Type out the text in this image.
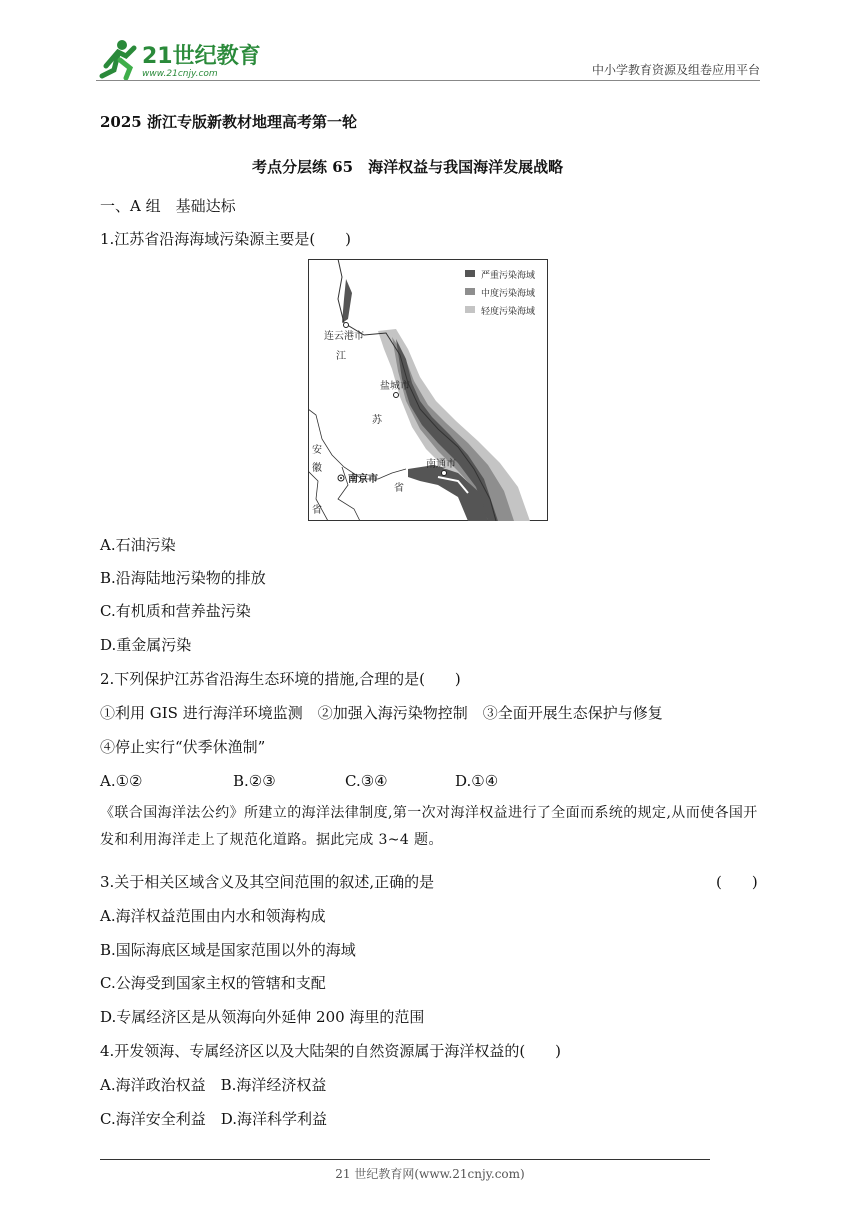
21世纪教育
www.21cnjy.com	中小学教育资源及组卷应用平台
2025 浙江专版新教材地理高考第一轮
考点分层练 65　海洋权益与我国海洋发展战略
一、A 组　基础达标
1.江苏省沿海海域污染源主要是(　　)
严重污染海域
中度污染海域
轻度污染海域
连云港市
江
盐城市
苏
安
徽
省
南京市
省
南通市
A.石油污染
B.沿海陆地污染物的排放
C.有机质和营养盐污染
D.重金属污染
2.下列保护江苏省沿海生态环境的措施,合理的是(　　)
①利用 GIS 进行海洋环境监测　②加强入海污染物控制　③全面开展生态保护与修复
④停止实行“伏季休渔制”
A.①②	B.②③	C.③④	D.①④
《联合国海洋法公约》所建立的海洋法律制度,第一次对海洋权益进行了全面而系统的规定,从而使各国开发和利用海洋走上了规范化道路。据此完成 3~4 题。
3.关于相关区域含义及其空间范围的叙述,正确的是	(　　)
A.海洋权益范围由内水和领海构成
B.国际海底区域是国家范围以外的海域
C.公海受到国家主权的管辖和支配
D.专属经济区是从领海向外延伸 200 海里的范围
4.开发领海、专属经济区以及大陆架的自然资源属于海洋权益的(　　)
A.海洋政治权益　B.海洋经济权益
C.海洋安全利益　D.海洋科学利益
21 世纪教育网(www.21cnjy.com)
